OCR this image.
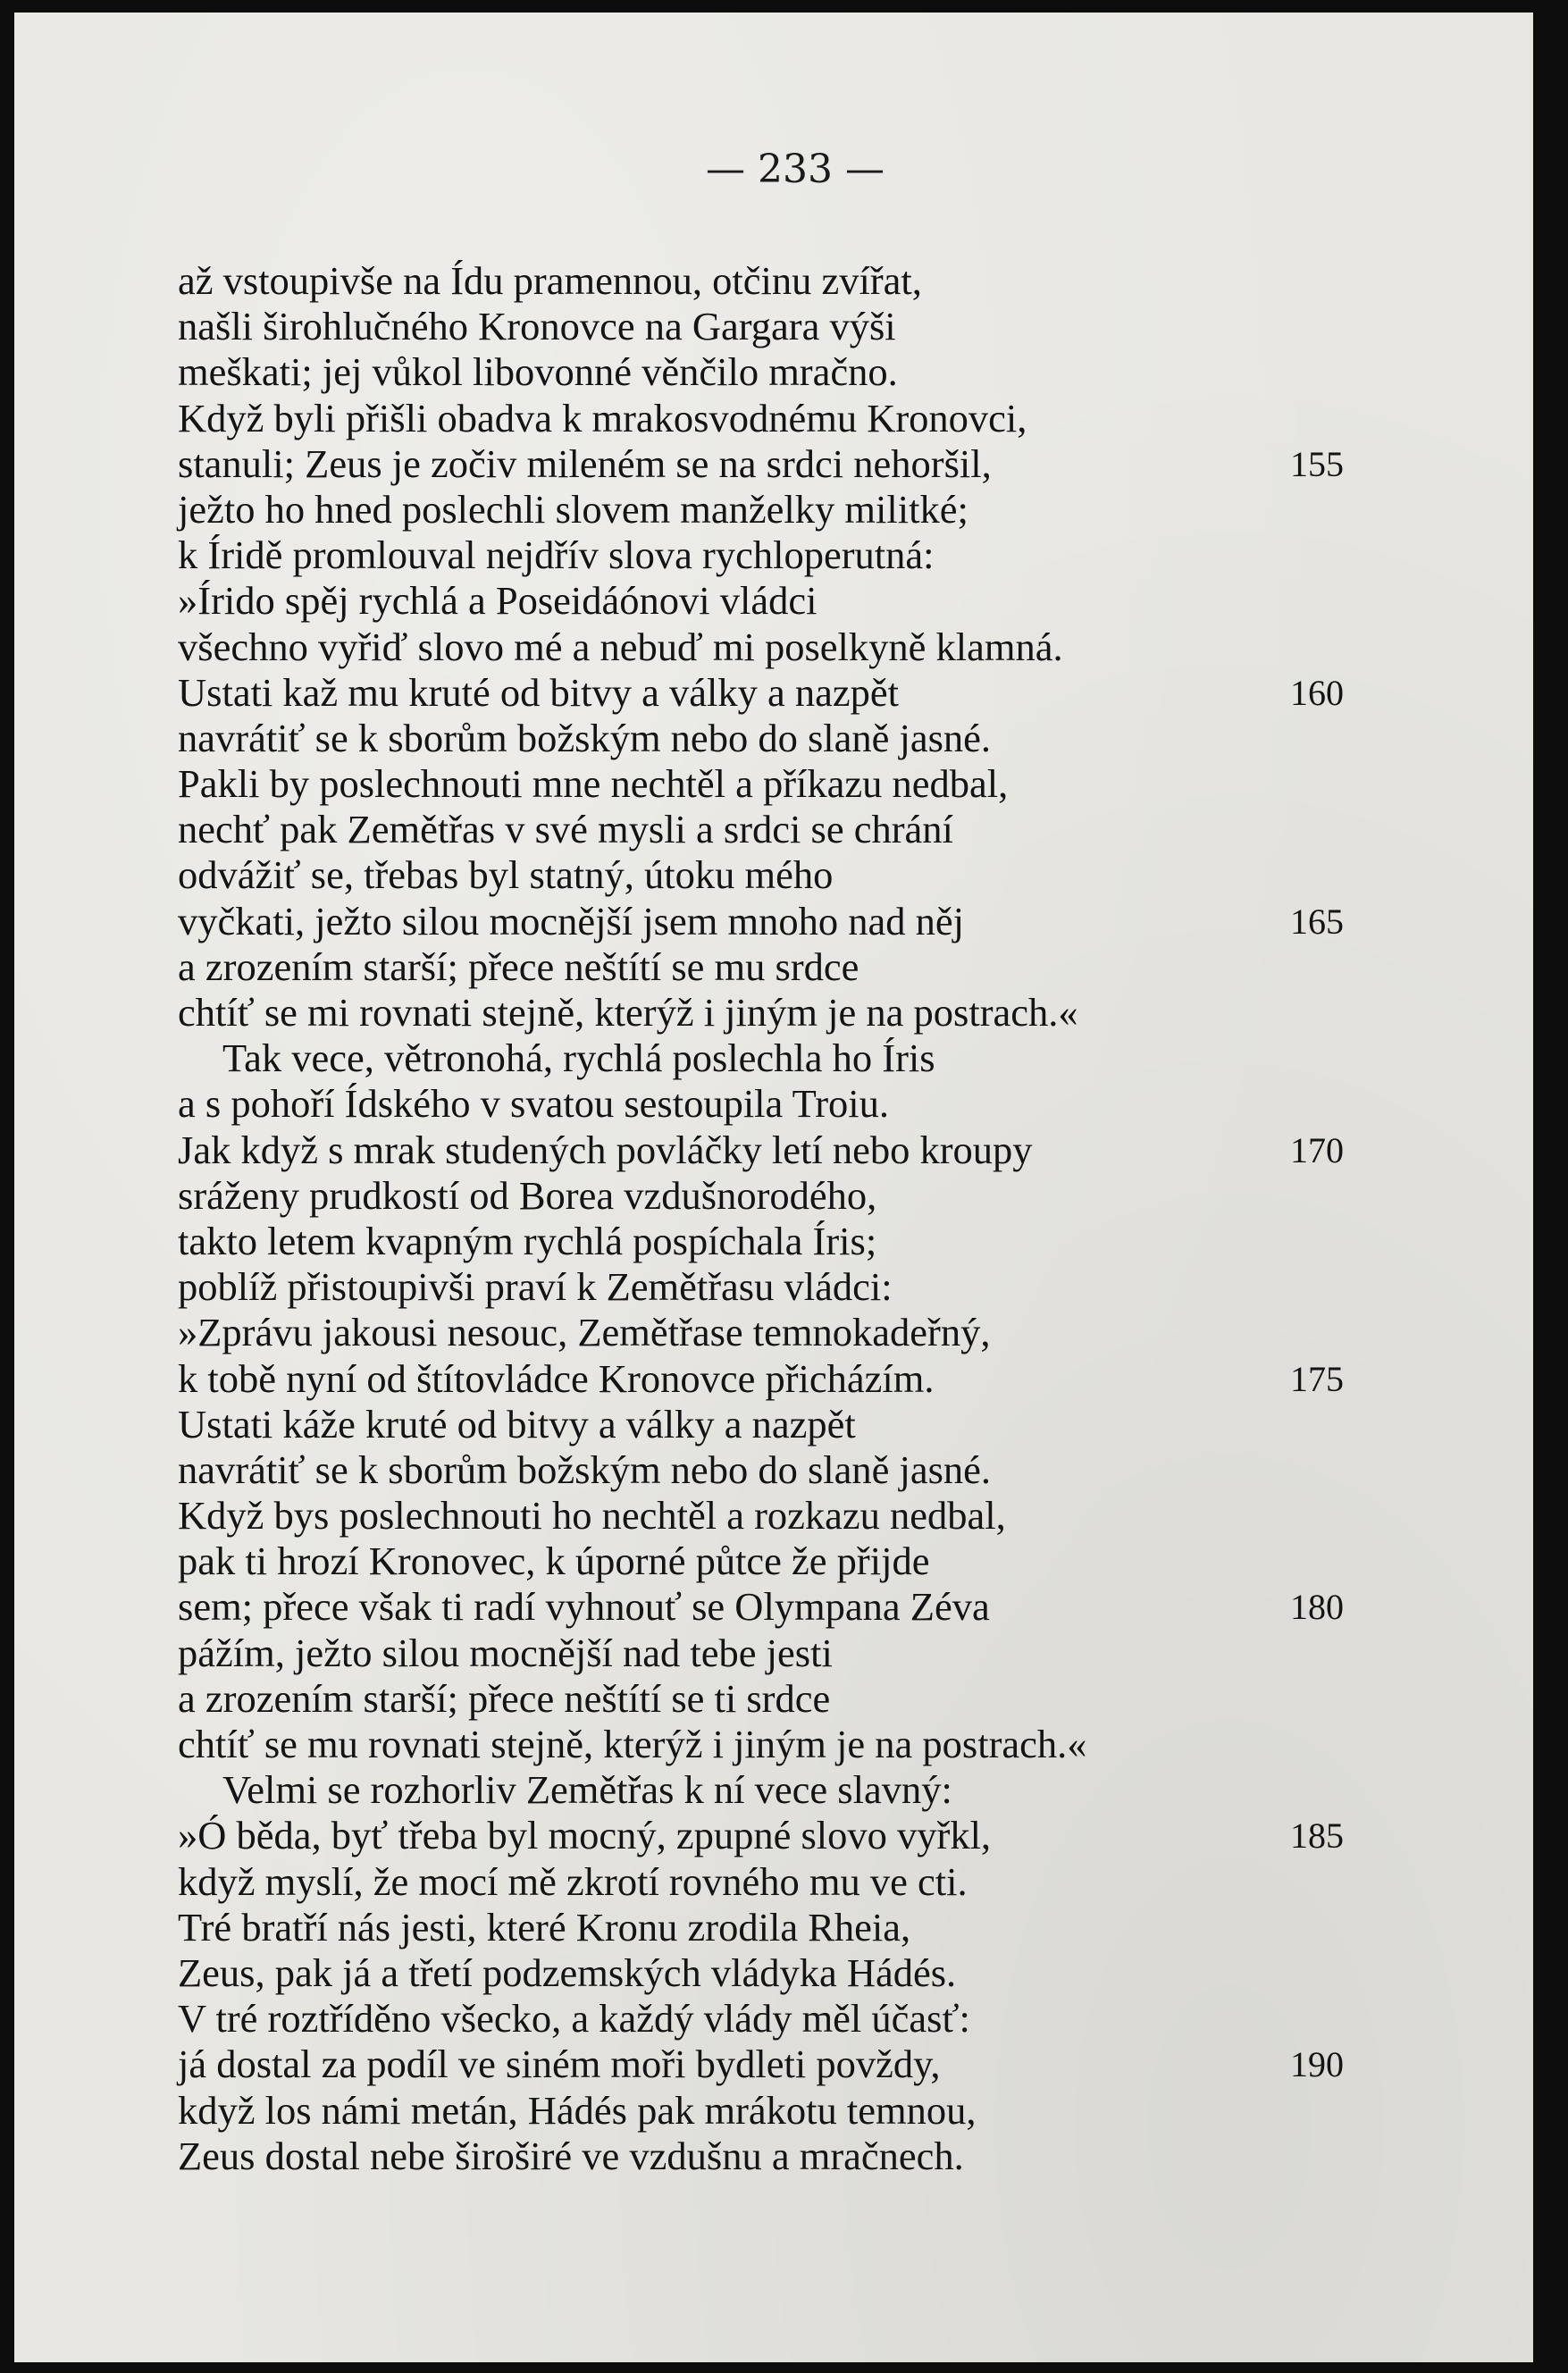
— 233 —
až vstoupivše na Ídu pramennou, otčinu zvířat,
našli širohlučného Kronovce na Gargara výši
meškati; jej vůkol libovonné věnčilo mračno.
Když byli přišli obadva k mrakosvodnému Kronovci,
stanuli; Zeus je zočiv mileném se na srdci nehoršil,	155
ježto ho hned poslechli slovem manželky militké;
k Íridě promlouval nejdřív slova rychloperutná:
»Írido spěj rychlá a Poseidáónovi vládci
všechno vyřiď slovo mé a nebuď mi poselkyně klamná.
Ustati kaž mu kruté od bitvy a války a nazpět	160
navrátiť se k sborům božským nebo do slaně jasné.
Pakli by poslechnouti mne nechtěl a příkazu nedbal,
nechť pak Zemětřas v své mysli a srdci se chrání
odvážiť se, třebas byl statný, útoku mého
vyčkati, ježto silou mocnější jsem mnoho nad něj	165
a zrozením starší; přece neštítí se mu srdce
chtíť se mi rovnati stejně, kterýž i jiným je na postrach.«
Tak vece, větronohá, rychlá poslechla ho Íris
a s pohoří Ídského v svatou sestoupila Troiu.
Jak když s mrak studených povláčky letí nebo kroupy	170
sráženy prudkostí od Borea vzdušnorodého,
takto letem kvapným rychlá pospíchala Íris;
poblíž přistoupivši praví k Zemětřasu vládci:
»Zprávu jakousi nesouc, Zemětřase temnokadeřný,
k tobě nyní od štítovládce Kronovce přicházím.	175
Ustati káže kruté od bitvy a války a nazpět
navrátiť se k sborům božským nebo do slaně jasné.
Když bys poslechnouti ho nechtěl a rozkazu nedbal,
pak ti hrozí Kronovec, k úporné půtce že přijde
sem; přece však ti radí vyhnouť se Olympana Zéva	180
pážím, ježto silou mocnější nad tebe jesti
a zrozením starší; přece neštítí se ti srdce
chtíť se mu rovnati stejně, kterýž i jiným je na postrach.«
Velmi se rozhorliv Zemětřas k ní vece slavný:
»Ó běda, byť třeba byl mocný, zpupné slovo vyřkl,	185
když myslí, že mocí mě zkrotí rovného mu ve cti.
Tré bratří nás jesti, které Kronu zrodila Rheia,
Zeus, pak já a třetí podzemských vládyka Hádés.
V tré roztříděno všecko, a každý vlády měl účasť:
já dostal za podíl ve siném moři bydleti povždy,	190
když los námi metán, Hádés pak mrákotu temnou,
Zeus dostal nebe široširé ve vzdušnu a mračnech.
